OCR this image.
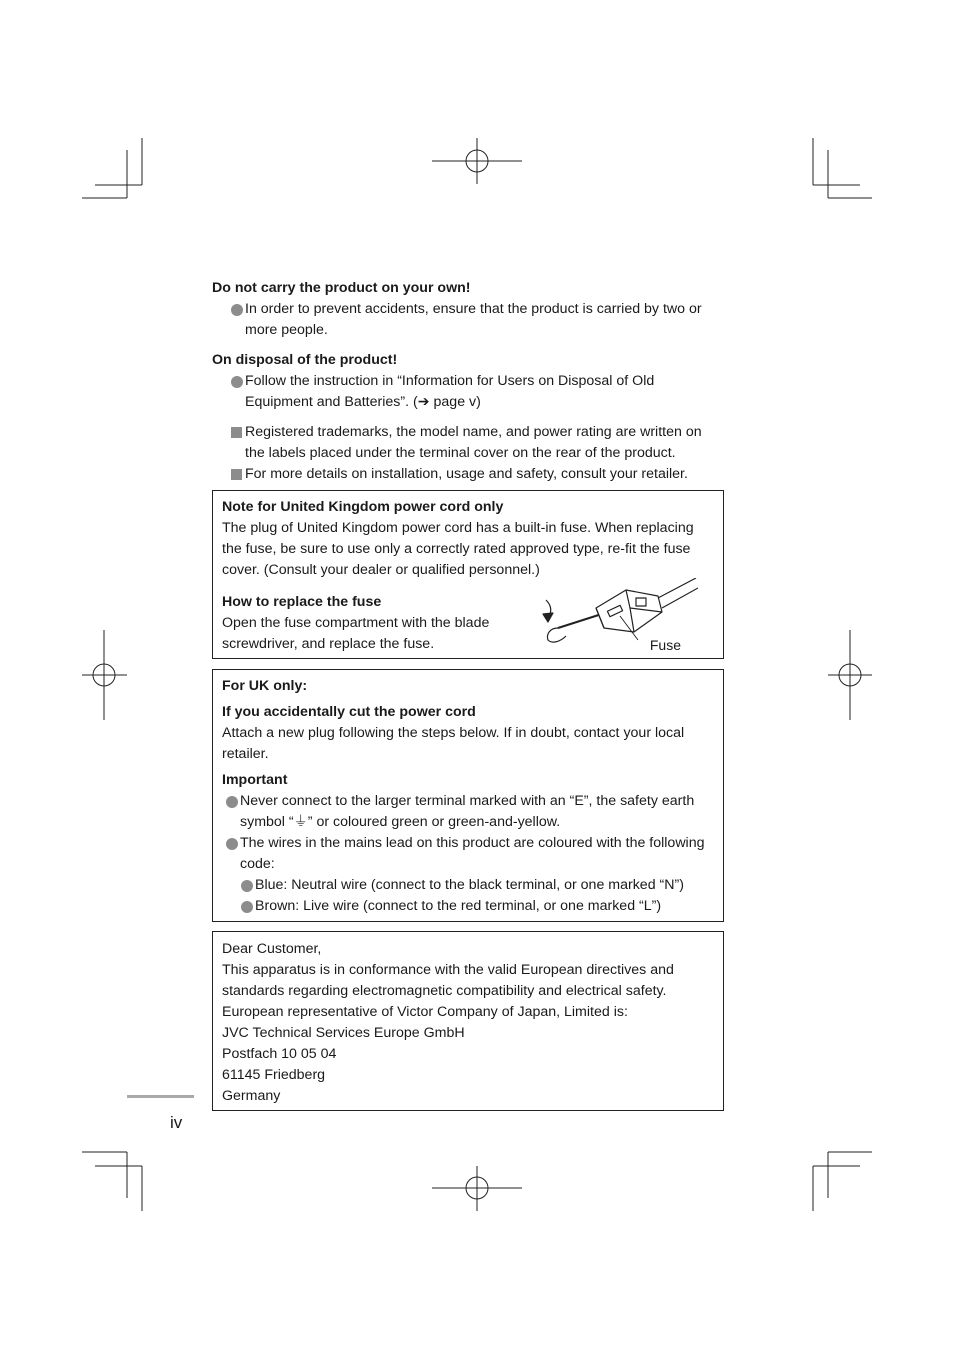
Do not carry the product on your own!
In order to prevent accidents, ensure that the product is carried by two or more people.
On disposal of the product!
Follow the instruction in “Information for Users on Disposal of Old Equipment and Batteries”. (➔ page v)
Registered trademarks, the model name, and power rating are written on the labels placed under the terminal cover on the rear of the product.
For more details on installation, usage and safety, consult your retailer.
Note for United Kingdom power cord only
The plug of United Kingdom power cord has a built-in fuse. When replacing the fuse, be sure to use only a correctly rated approved type, re-fit the fuse cover. (Consult your dealer or qualified personnel.)
How to replace the fuse
Open the fuse compartment with the blade screwdriver, and replace the fuse.	Fuse
For UK only:
If you accidentally cut the power cord
Attach a new plug following the steps below. If in doubt, contact your local retailer.
Important
Never connect to the larger terminal marked with an “E”, the safety earth symbol “⏚” or coloured green or green-and-yellow.
The wires in the mains lead on this product are coloured with the following code:
Blue: Neutral wire (connect to the black terminal, or one marked “N”)
Brown: Live wire (connect to the red terminal, or one marked “L”)
Dear Customer,
This apparatus is in conformance with the valid European directives and standards regarding electromagnetic compatibility and electrical safety.
European representative of Victor Company of Japan, Limited is:
JVC Technical Services Europe GmbH
Postfach 10 05 04
61145 Friedberg
Germany
iv
